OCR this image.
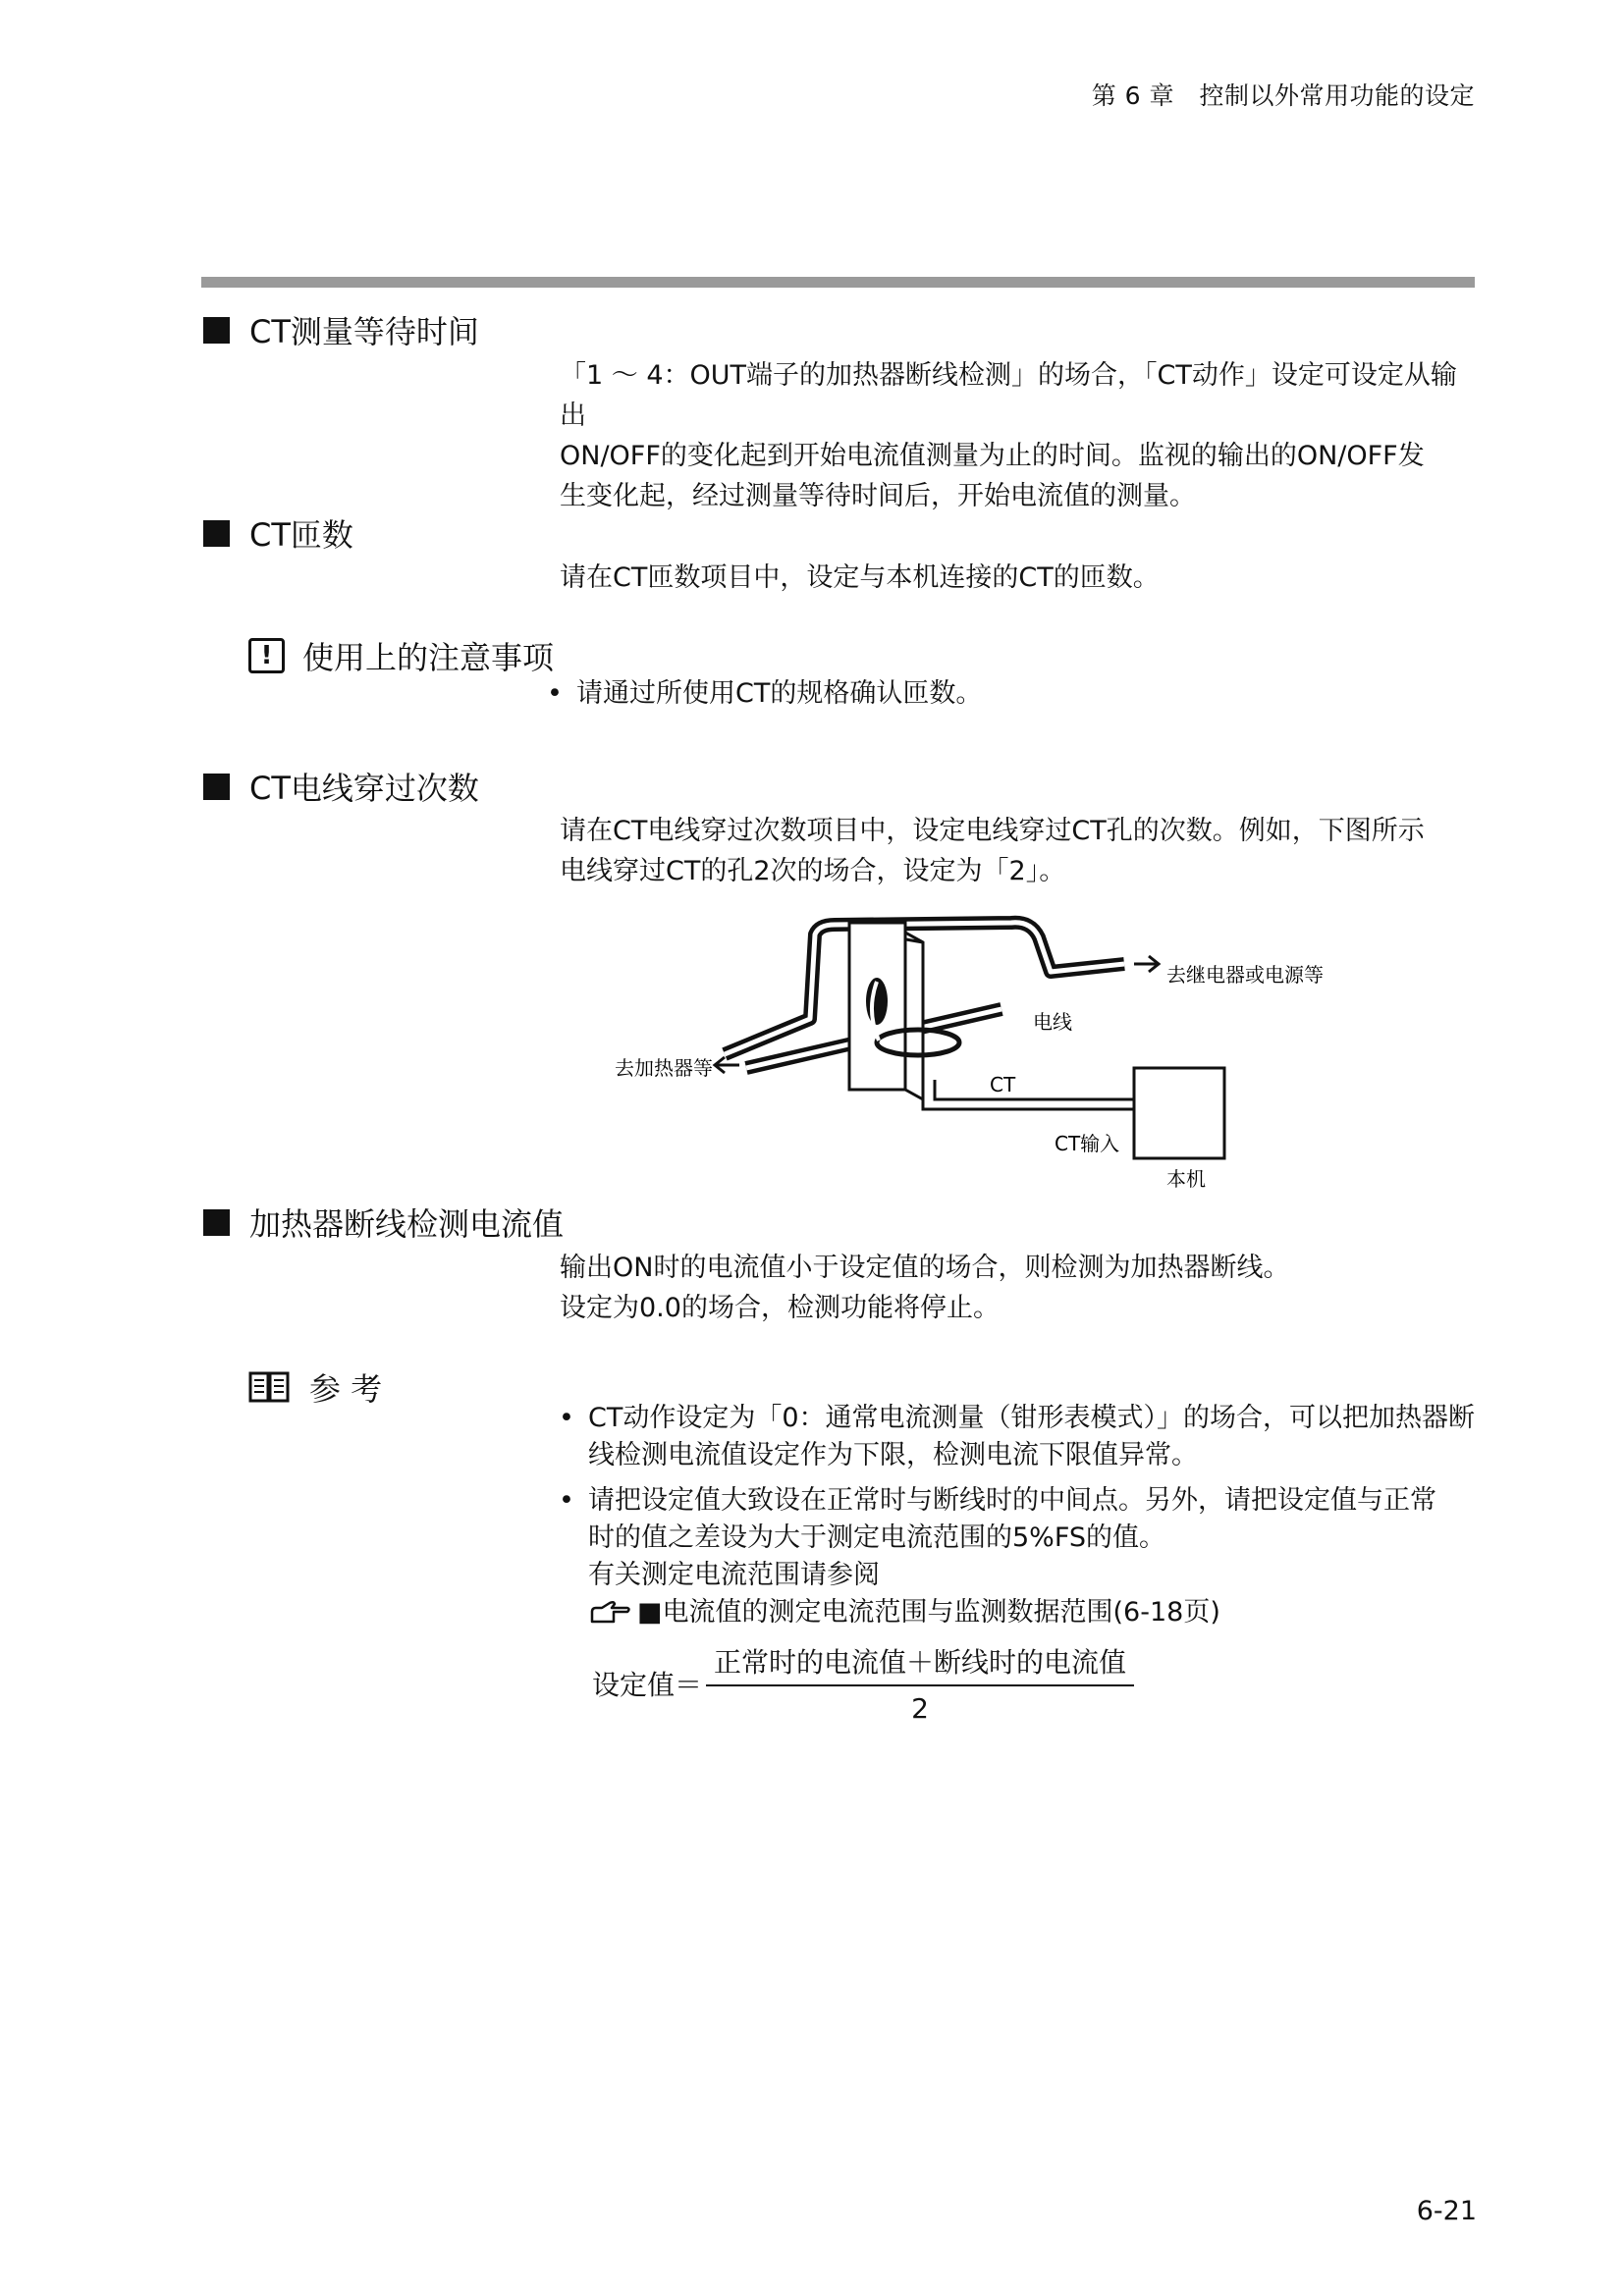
第 6 章　控制以外常用功能的设定
CT测量等待时间

「1 ～ 4：OUT端子的加热器断线检测」的场合，「CT动作」设定可设定从输出

ON/OFF的变化起到开始电流值测量为止的时间。监视的输出的ON/OFF发

生变化起，经过测量等待时间后，开始电流值的测量。

CT匝数

请在CT匝数项目中，设定与本机连接的CT的匝数。

! 使用上的注意事项
• 请通过所使用CT的规格确认匝数。
CT电线穿过次数

请在CT电线穿过次数项目中，设定电线穿过CT孔的次数。例如，下图所示

电线穿过CT的孔2次的场合，设定为「2」。

去继电器或电源等
电线
去加热器等
CT
CT输入
本机
加热器断线检测电流值

输出ON时的电流值小于设定值的场合，则检测为加热器断线。

设定为0.0的场合，检测功能将停止。

参 考
• CT动作设定为「0：通常电流测量（钳形表模式）」的场合，可以把加热器断
线检测电流值设定作为下限，检测电流下限值异常。
• 请把设定值大致设在正常时与断线时的中间点。另外，请把设定值与正常
时的值之差设为大于测定电流范围的5%FS的值。
有关测定电流范围请参阅
■电流值的测定电流范围与监测数据范围(6-18页)
设定值＝ $\frac{\text{正常时的电流值＋断线时的电流值}}{2}$
6-21
